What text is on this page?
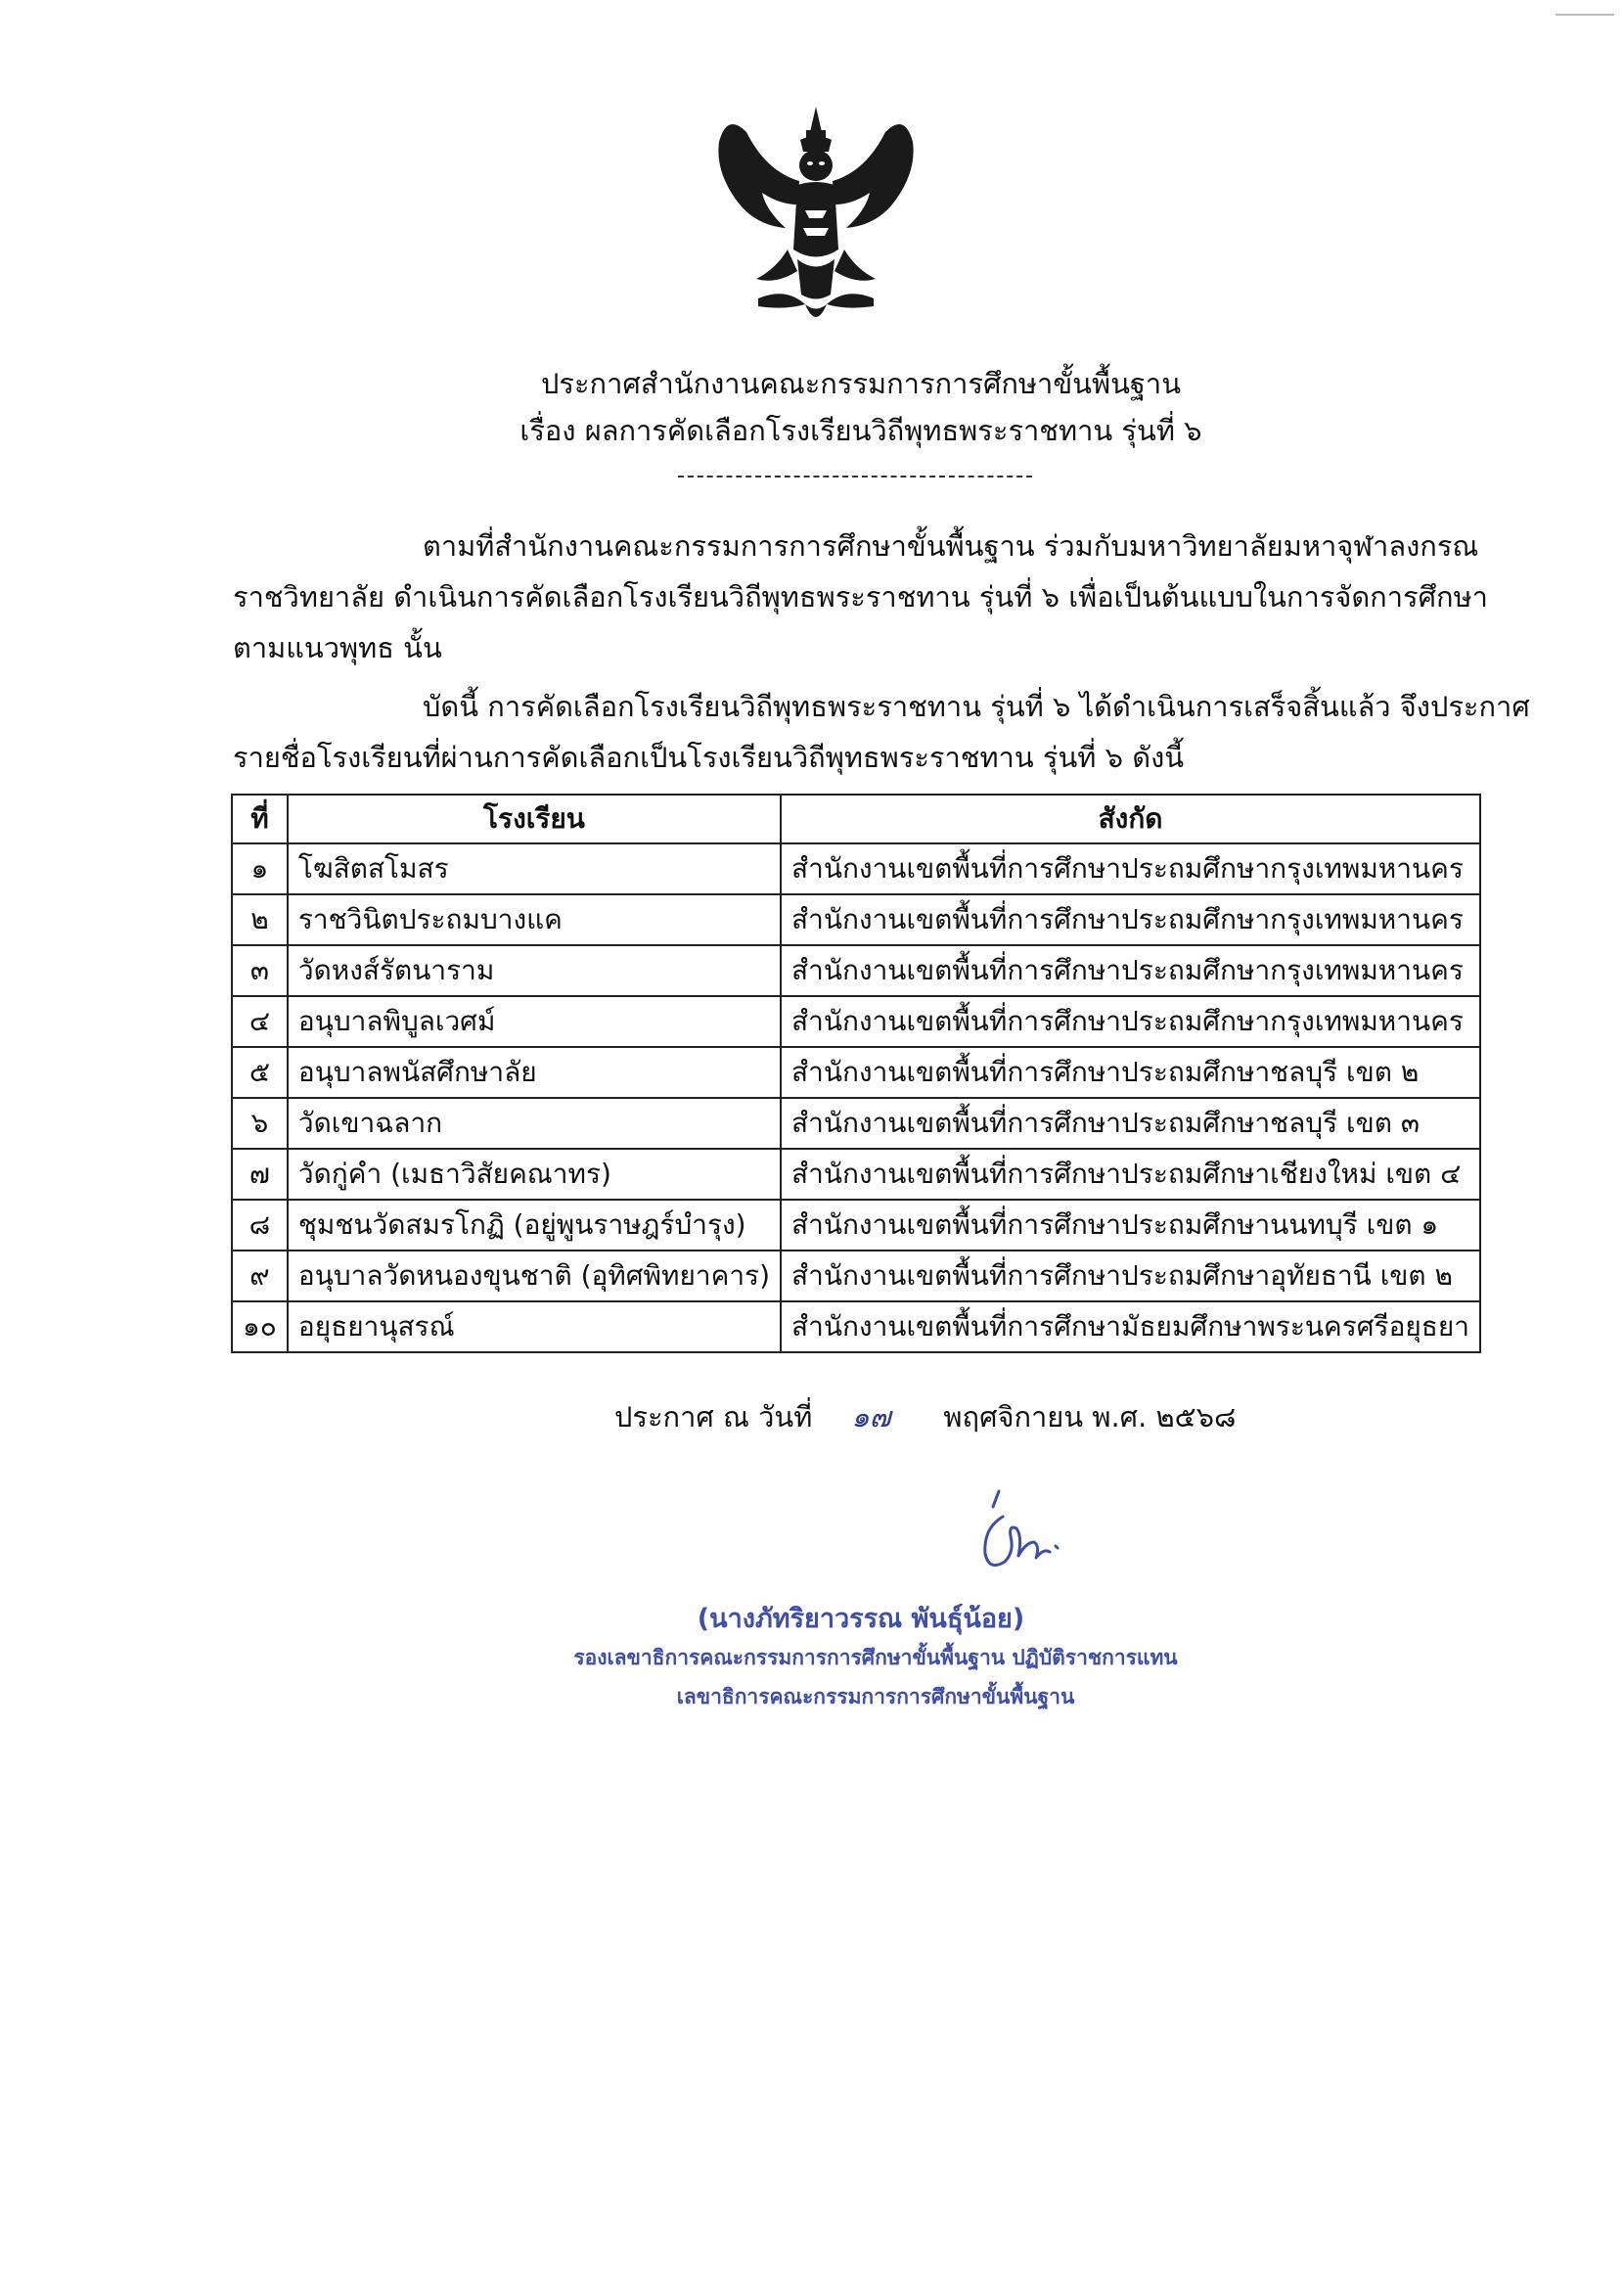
ประกาศสำนักงานคณะกรรมการการศึกษาขั้นพื้นฐาน
เรื่อง ผลการคัดเลือกโรงเรียนวิถีพุทธพระราชทาน รุ่นที่ ๖
ตามที่สำนักงานคณะกรรมการการศึกษาขั้นพื้นฐาน ร่วมกับมหาวิทยาลัยมหาจุฬาลงกรณ
ราชวิทยาลัย ดำเนินการคัดเลือกโรงเรียนวิถีพุทธพระราชทาน รุ่นที่ ๖ เพื่อเป็นต้นแบบในการจัดการศึกษา
ตามแนวพุทธ นั้น
บัดนี้ การคัดเลือกโรงเรียนวิถีพุทธพระราชทาน รุ่นที่ ๖ ได้ดำเนินการเสร็จสิ้นแล้ว จึงประกาศ
รายชื่อโรงเรียนที่ผ่านการคัดเลือกเป็นโรงเรียนวิถีพุทธพระราชทาน รุ่นที่ ๖ ดังนี้
ที่	โรงเรียน	สังกัด
๑	โฆสิตสโมสร	สำนักงานเขตพื้นที่การศึกษาประถมศึกษากรุงเทพมหานคร
๒	ราชวินิตประถมบางแค	สำนักงานเขตพื้นที่การศึกษาประถมศึกษากรุงเทพมหานคร
๓	วัดหงส์รัตนาราม	สำนักงานเขตพื้นที่การศึกษาประถมศึกษากรุงเทพมหานคร
๔	อนุบาลพิบูลเวศม์	สำนักงานเขตพื้นที่การศึกษาประถมศึกษากรุงเทพมหานคร
๕	อนุบาลพนัสศึกษาลัย	สำนักงานเขตพื้นที่การศึกษาประถมศึกษาชลบุรี เขต ๒
๖	วัดเขาฉลาก	สำนักงานเขตพื้นที่การศึกษาประถมศึกษาชลบุรี เขต ๓
๗	วัดกู่คำ (เมธาวิสัยคณาทร)	สำนักงานเขตพื้นที่การศึกษาประถมศึกษาเชียงใหม่ เขต ๔
๘	ชุมชนวัดสมรโกฏิ (อยู่พูนราษฎร์บำรุง)	สำนักงานเขตพื้นที่การศึกษาประถมศึกษานนทบุรี เขต ๑
๙	อนุบาลวัดหนองขุนชาติ (อุทิศพิทยาคาร)	สำนักงานเขตพื้นที่การศึกษาประถมศึกษาอุทัยธานี เขต ๒
๑๐	อยุธยานุสรณ์	สำนักงานเขตพื้นที่การศึกษามัธยมศึกษาพระนครศรีอยุธยา
ประกาศ ณ วันที่ ๑๗ พฤศจิกายน พ.ศ. ๒๕๖๘
(นางภัทริยาวรรณ พันธุ์น้อย)
รองเลขาธิการคณะกรรมการการศึกษาขั้นพื้นฐาน ปฏิบัติราชการแทน
เลขาธิการคณะกรรมการการศึกษาขั้นพื้นฐาน
